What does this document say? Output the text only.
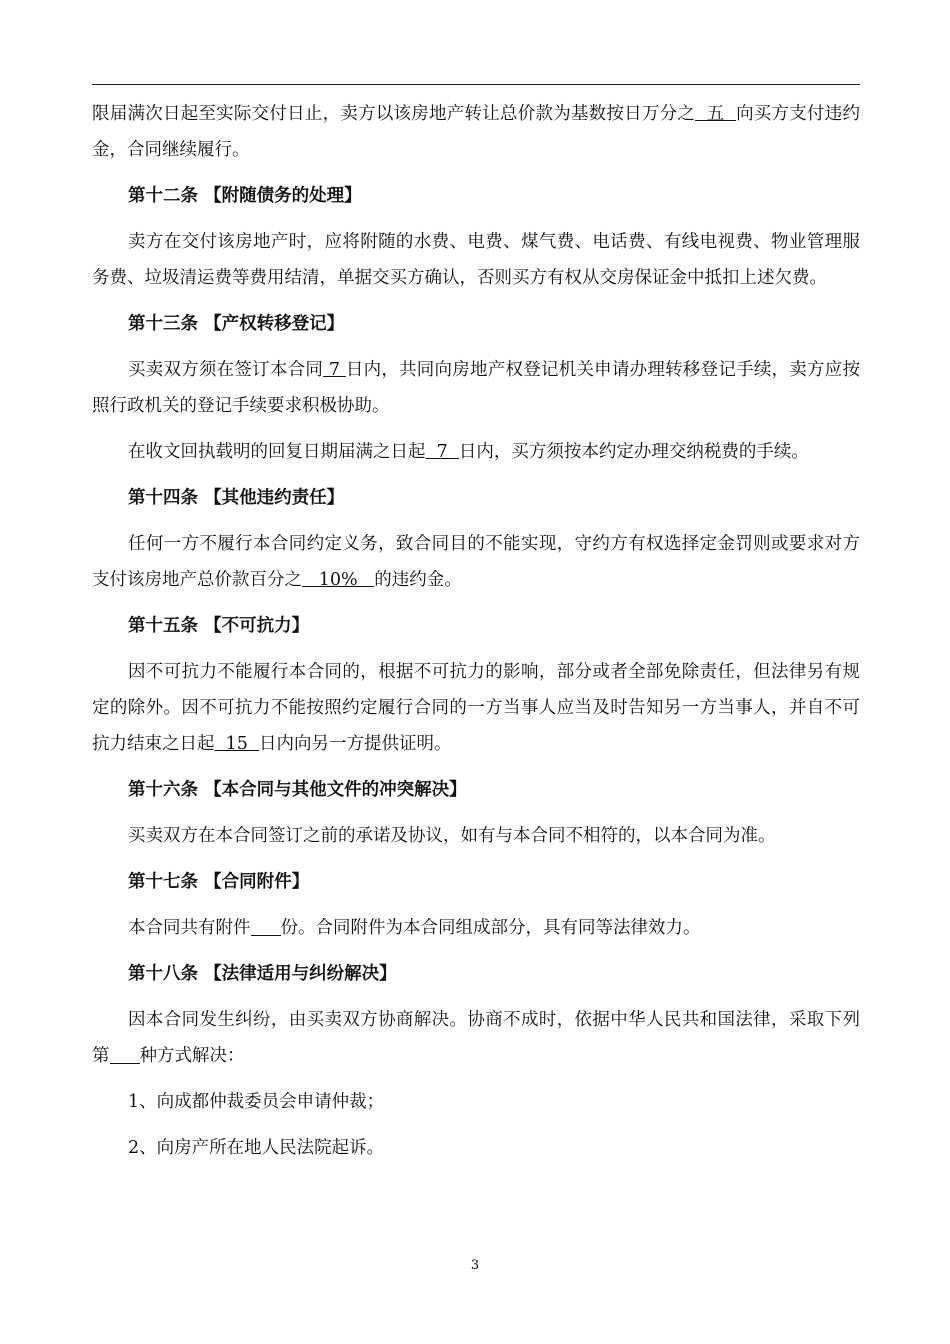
限届满次日起至实际交付日止，卖方以该房地产转让总价款为基数按日万分之  五  向买方支付违约金，合同继续履行。

第十二条 【附随债务的处理】

卖方在交付该房地产时，应将附随的水费、电费、煤气费、电话费、有线电视费、物业管理服务费、垃圾清运费等费用结清，单据交买方确认，否则买方有权从交房保证金中抵扣上述欠费。

第十三条 【产权转移登记】

买卖双方须在签订本合同 7 日内，共同向房地产权登记机关申请办理转移登记手续，卖方应按照行政机关的登记手续要求积极协助。

在收文回执载明的回复日期届满之日起  7  日内，买方须按本约定办理交纳税费的手续。

第十四条 【其他违约责任】

任何一方不履行本合同约定义务，致合同目的不能实现，守约方有权选择定金罚则或要求对方支付该房地产总价款百分之   10%   的违约金。

第十五条 【不可抗力】

因不可抗力不能履行本合同的，根据不可抗力的影响，部分或者全部免除责任，但法律另有规定的除外。因不可抗力不能按照约定履行合同的一方当事人应当及时告知另一方当事人，并自不可抗力结束之日起  15  日内向另一方提供证明。

第十六条 【本合同与其他文件的冲突解决】

买卖双方在本合同签订之前的承诺及协议，如有与本合同不相符的，以本合同为准。

第十七条 【合同附件】

本合同共有附件 份。合同附件为本合同组成部分，具有同等法律效力。

第十八条 【法律适用与纠纷解决】

因本合同发生纠纷，由买卖双方协商解决。协商不成时，依据中华人民共和国法律，采取下列第 种方式解决：

1、向成都仲裁委员会申请仲裁；

2、向房产所在地人民法院起诉。

3
